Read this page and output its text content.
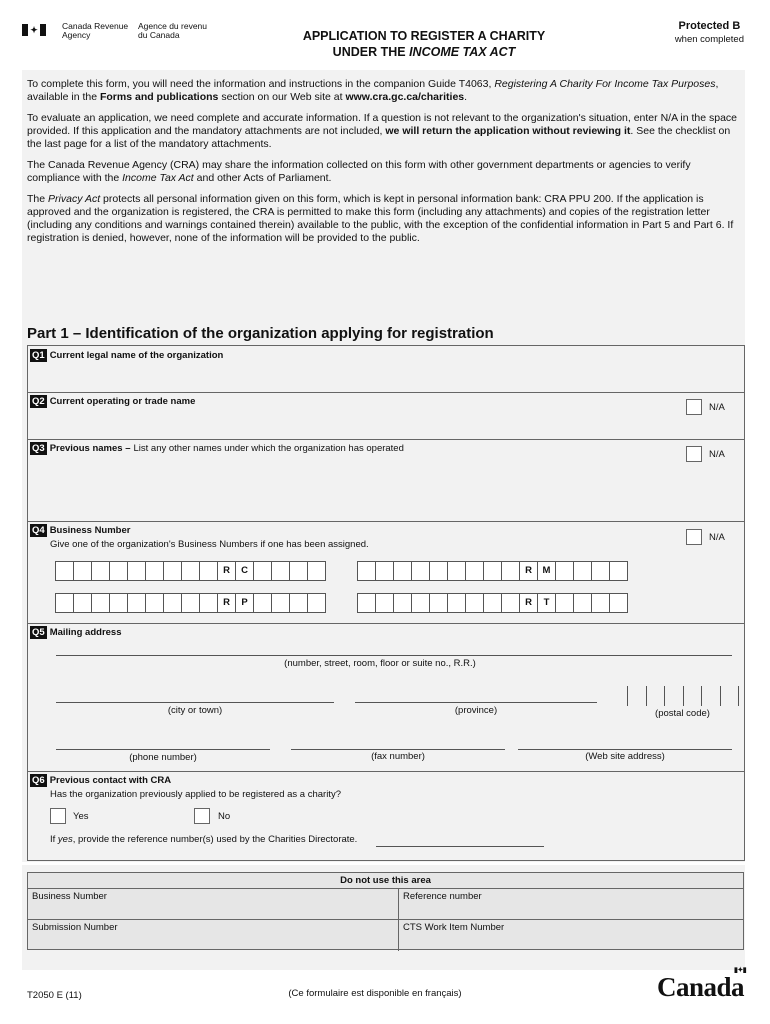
✦	Canada Revenue
Agency
Agence du revenu
du Canada	APPLICATION TO REGISTER A CHARITY
UNDER THE INCOME TAX ACT
Protected B
when completed

To complete this form, you will need the information and instructions in the companion Guide T4063, Registering A Charity For Income Tax Purposes, available in the Forms and publications section on our Web site at www.cra.gc.ca/charities.

To evaluate an application, we need complete and accurate information. If a question is not relevant to the organization's situation, enter N/A in the space provided. If this application and the mandatory attachments are not included, we will return the application without reviewing it. See the checklist on the last page for a list of the mandatory attachments.

The Canada Revenue Agency (CRA) may share the information collected on this form with other government departments or agencies to verify compliance with the Income Tax Act and other Acts of Parliament.

The Privacy Act protects all personal information given on this form, which is kept in personal information bank: CRA PPU 200. If the application is approved and the organization is registered, the CRA is permitted to make this form (including any attachments) and copies of the registration letter (including any conditions and warnings contained therein) available to the public, with the exception of the confidential information in Part 5 and Part 6. If registration is denied, however, none of the information will be provided to the public.

Part 1 – Identification of the organization applying for registration
Q1 Current legal name of the organization
Q2 Current operating or trade name
N/A
Q3 Previous names – List any other names under which the organization has operated
N/A
Q4 Business Number
Give one of the organization's Business Numbers if one has been assigned.
N/A
R	C	R	M
R	P	R	T
Q5 Mailing address
(number, street, room, floor or suite no., R.R.)
(city or town)	(province)	(postal code)
(phone number)	(fax number)	(Web site address)
Q6 Previous contact with CRA
Has the organization previously applied to be registered as a charity?
Yes	No
If yes, provide the reference number(s) used by the Charities Directorate.
Do not use this area
Business Number	Reference number
Submission Number	CTS Work Item Number
T2050 E (11)	(Ce formulaire est disponible en français)	Canada
▮✦▮
